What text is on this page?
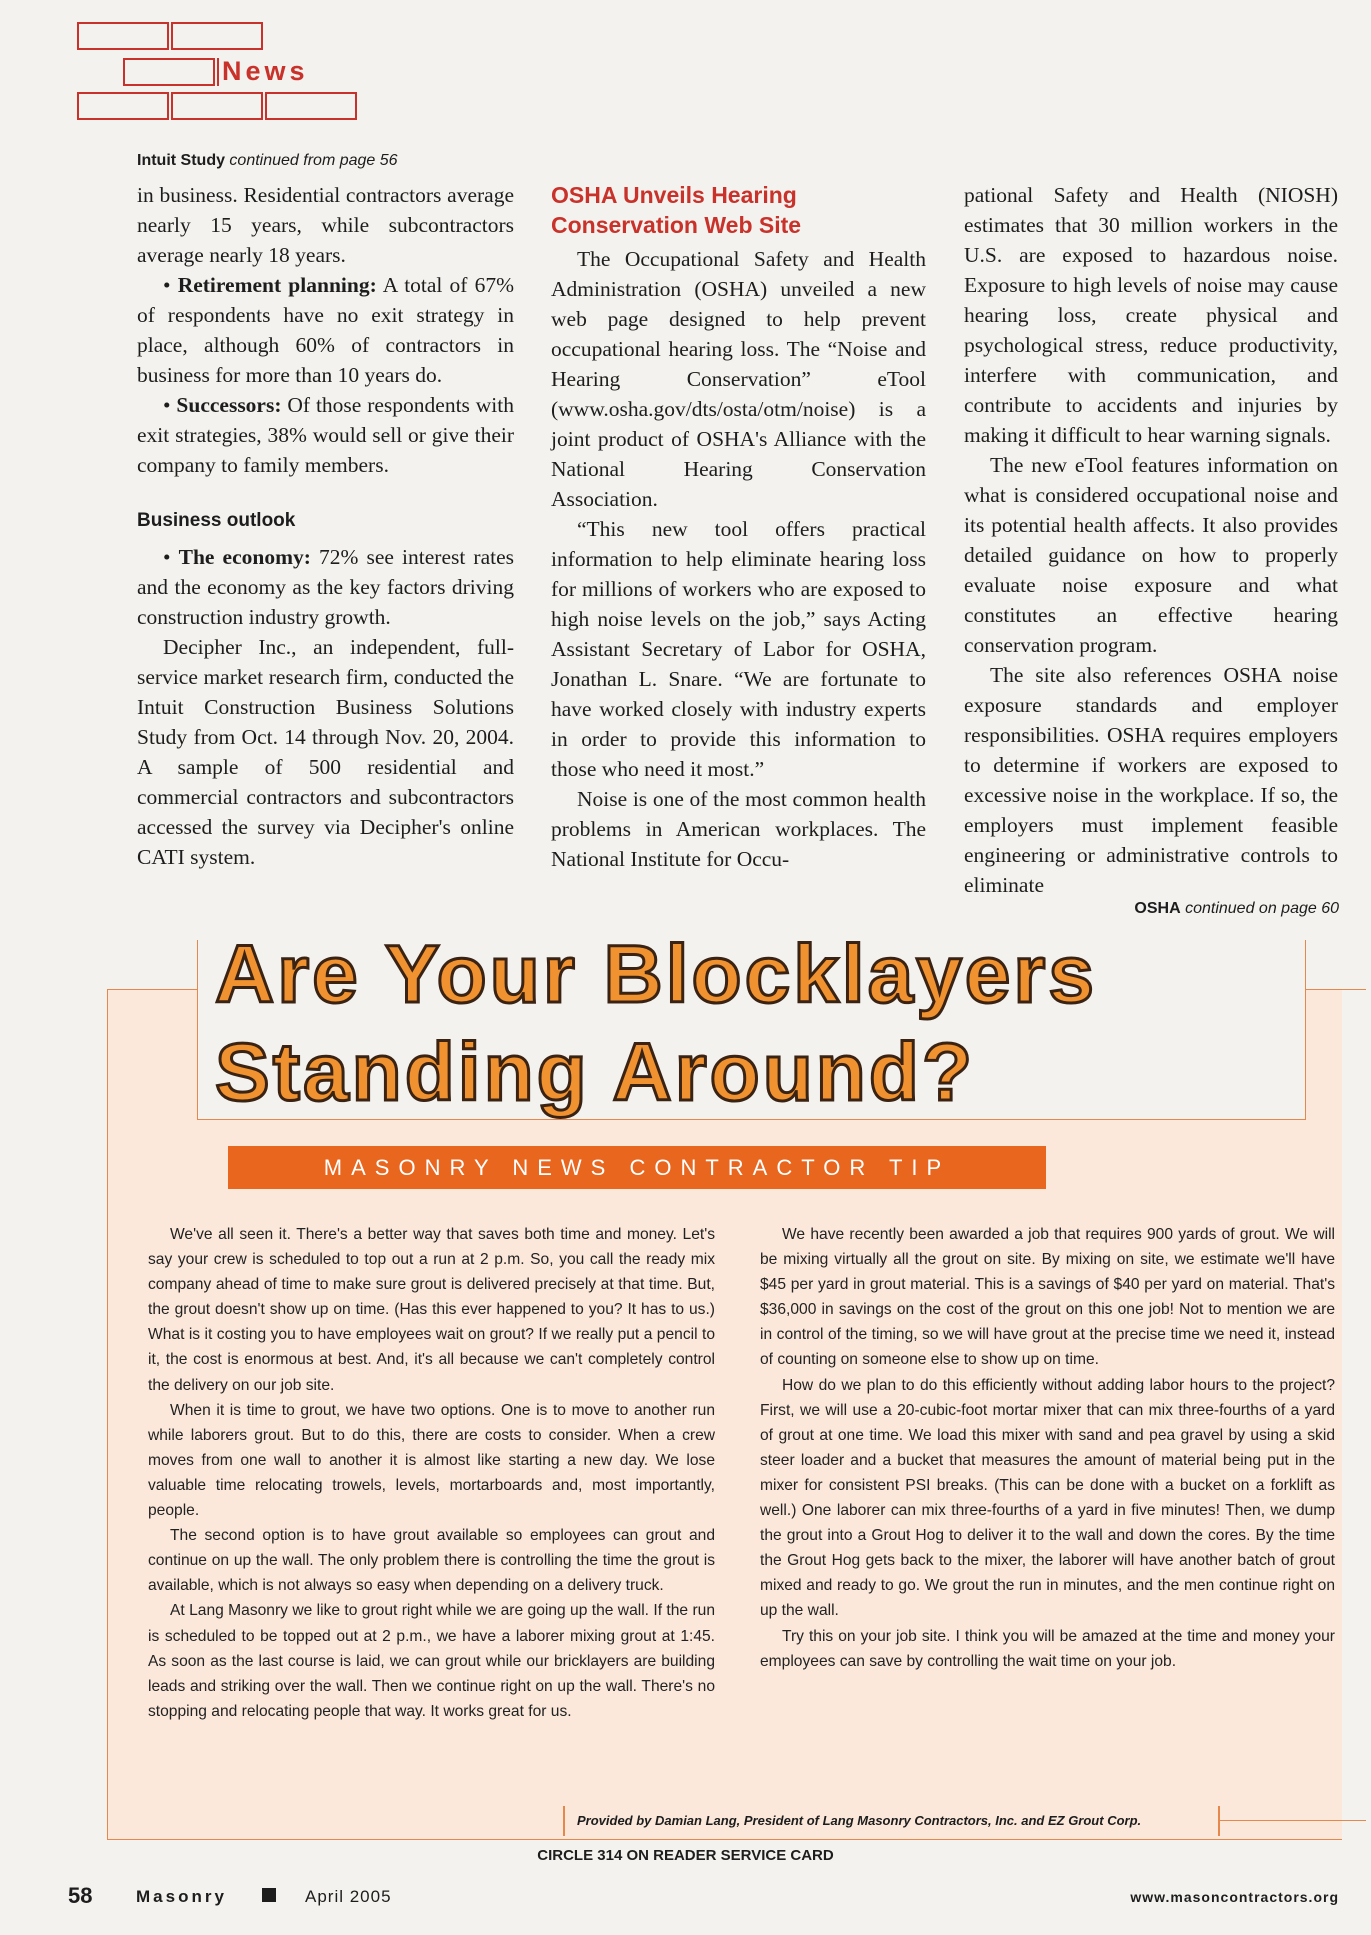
News
Intuit Study continued from page 56

in business. Residential contractors average nearly 15 years, while subcontractors average nearly 18 years.

• Retirement planning: A total of 67% of respondents have no exit strategy in place, although 60% of contractors in business for more than 10 years do.

• Successors: Of those respondents with exit strategies, 38% would sell or give their company to family members.

Business outlook

• The economy: 72% see interest rates and the economy as the key factors driving construction industry growth.

Decipher Inc., an independent, full-service market research firm, conducted the Intuit Construction Business Solutions Study from Oct. 14 through Nov. 20, 2004. A sample of 500 residential and commercial contractors and subcontractors accessed the survey via Decipher's online CATI system.

OSHA Unveils Hearing Conservation Web Site

The Occupational Safety and Health Administration (OSHA) unveiled a new web page designed to help prevent occupational hearing loss. The “Noise and Hearing Conservation” eTool (www.osha.gov/dts/osta/otm/noise) is a joint product of OSHA's Alliance with the National Hearing Conservation Association.

“This new tool offers practical information to help eliminate hearing loss for millions of workers who are exposed to high noise levels on the job,” says Acting Assistant Secretary of Labor for OSHA, Jonathan L. Snare. “We are fortunate to have worked closely with industry experts in order to provide this information to those who need it most.”

Noise is one of the most common health problems in American workplaces. The National Institute for Occu-

pational Safety and Health (NIOSH) estimates that 30 million workers in the U.S. are exposed to hazardous noise. Exposure to high levels of noise may cause hearing loss, create physical and psychological stress, reduce productivity, interfere with communication, and contribute to accidents and injuries by making it difficult to hear warning signals.

The new eTool features information on what is considered occupational noise and its potential health affects. It also provides detailed guidance on how to properly evaluate noise exposure and what constitutes an effective hearing conservation program.

The site also references OSHA noise exposure standards and employer responsibilities. OSHA requires employers to determine if workers are exposed to excessive noise in the workplace. If so, the employers must implement feasible engineering or administrative controls to eliminate

OSHA continued on page 60
Are Your Blocklayers
Standing Around?
MASONRY NEWS CONTRACTOR TIP

We've all seen it. There's a better way that saves both time and money. Let's say your crew is scheduled to top out a run at 2 p.m. So, you call the ready mix company ahead of time to make sure grout is delivered precisely at that time. But, the grout doesn't show up on time. (Has this ever happened to you? It has to us.) What is it costing you to have employees wait on grout? If we really put a pencil to it, the cost is enormous at best. And, it's all because we can't completely control the delivery on our job site.

When it is time to grout, we have two options. One is to move to another run while laborers grout. But to do this, there are costs to consider. When a crew moves from one wall to another it is almost like starting a new day. We lose valuable time relocating trowels, levels, mortarboards and, most importantly, people.

The second option is to have grout available so employees can grout and continue on up the wall. The only problem there is controlling the time the grout is available, which is not always so easy when depending on a delivery truck.

At Lang Masonry we like to grout right while we are going up the wall. If the run is scheduled to be topped out at 2 p.m., we have a laborer mixing grout at 1:45. As soon as the last course is laid, we can grout while our bricklayers are building leads and striking over the wall. Then we continue right on up the wall. There's no stopping and relocating people that way. It works great for us.

We have recently been awarded a job that requires 900 yards of grout. We will be mixing virtually all the grout on site. By mixing on site, we estimate we'll have $45 per yard in grout material. This is a savings of $40 per yard on material. That's $36,000 in savings on the cost of the grout on this one job! Not to mention we are in control of the timing, so we will have grout at the precise time we need it, instead of counting on someone else to show up on time.

How do we plan to do this efficiently without adding labor hours to the project? First, we will use a 20-cubic-foot mortar mixer that can mix three-fourths of a yard of grout at one time. We load this mixer with sand and pea gravel by using a skid steer loader and a bucket that measures the amount of material being put in the mixer for consistent PSI breaks. (This can be done with a bucket on a forklift as well.) One laborer can mix three-fourths of a yard in five minutes! Then, we dump the grout into a Grout Hog to deliver it to the wall and down the cores. By the time the Grout Hog gets back to the mixer, the laborer will have another batch of grout mixed and ready to go. We grout the run in minutes, and the men continue right on up the wall.

Try this on your job site. I think you will be amazed at the time and money your employees can save by controlling the wait time on your job.

Provided by Damian Lang, President of Lang Masonry Contractors, Inc. and EZ Grout Corp.
CIRCLE 314 ON READER SERVICE CARD
58	Masonry	April 2005	www.masoncontractors.org
